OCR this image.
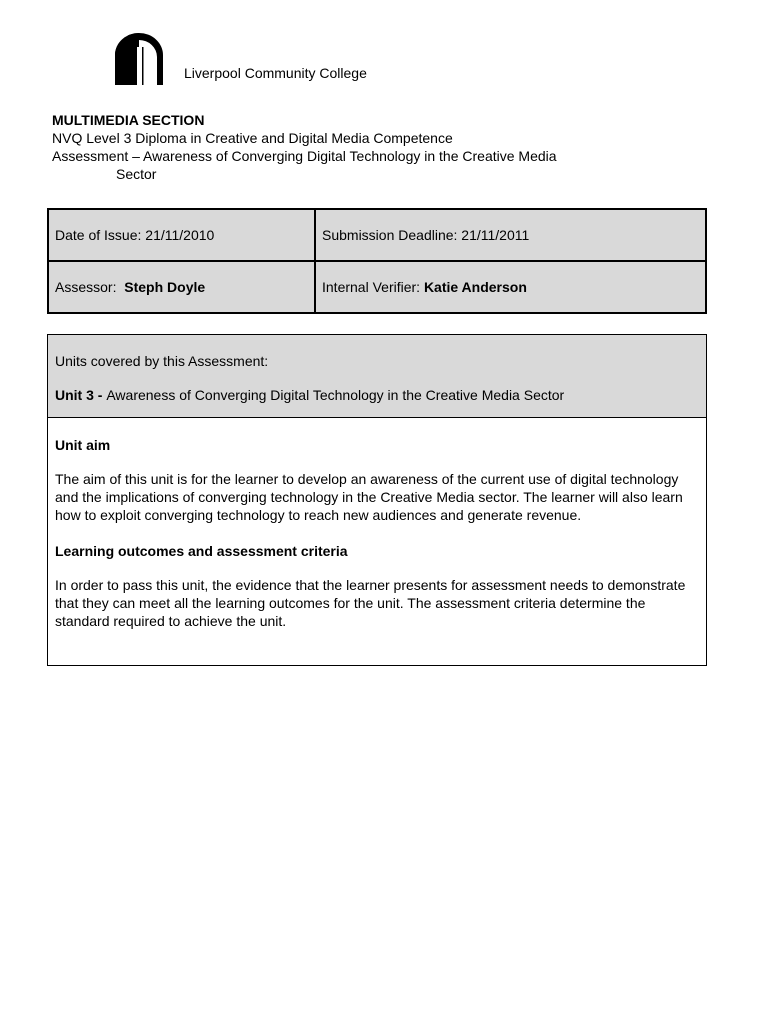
Liverpool Community College
MULTIMEDIA SECTION
NVQ Level 3 Diploma in Creative and Digital Media Competence
Assessment – Awareness of Converging Digital Technology in the Creative Media
Sector
Date of Issue: 21/11/2010	Submission Deadline: 21/11/2011
Assessor: Steph Doyle	Internal Verifier: Katie Anderson
Units covered by this Assessment:
Unit 3 - Awareness of Converging Digital Technology in the Creative Media Sector
Unit aim
The aim of this unit is for the learner to develop an awareness of the current use of digital technology and the implications of converging technology in the Creative Media sector. The learner will also learn how to exploit converging technology to reach new audiences and generate revenue.
Learning outcomes and assessment criteria
In order to pass this unit, the evidence that the learner presents for assessment needs to demonstrate that they can meet all the learning outcomes for the unit. The assessment criteria determine the standard required to achieve the unit.
